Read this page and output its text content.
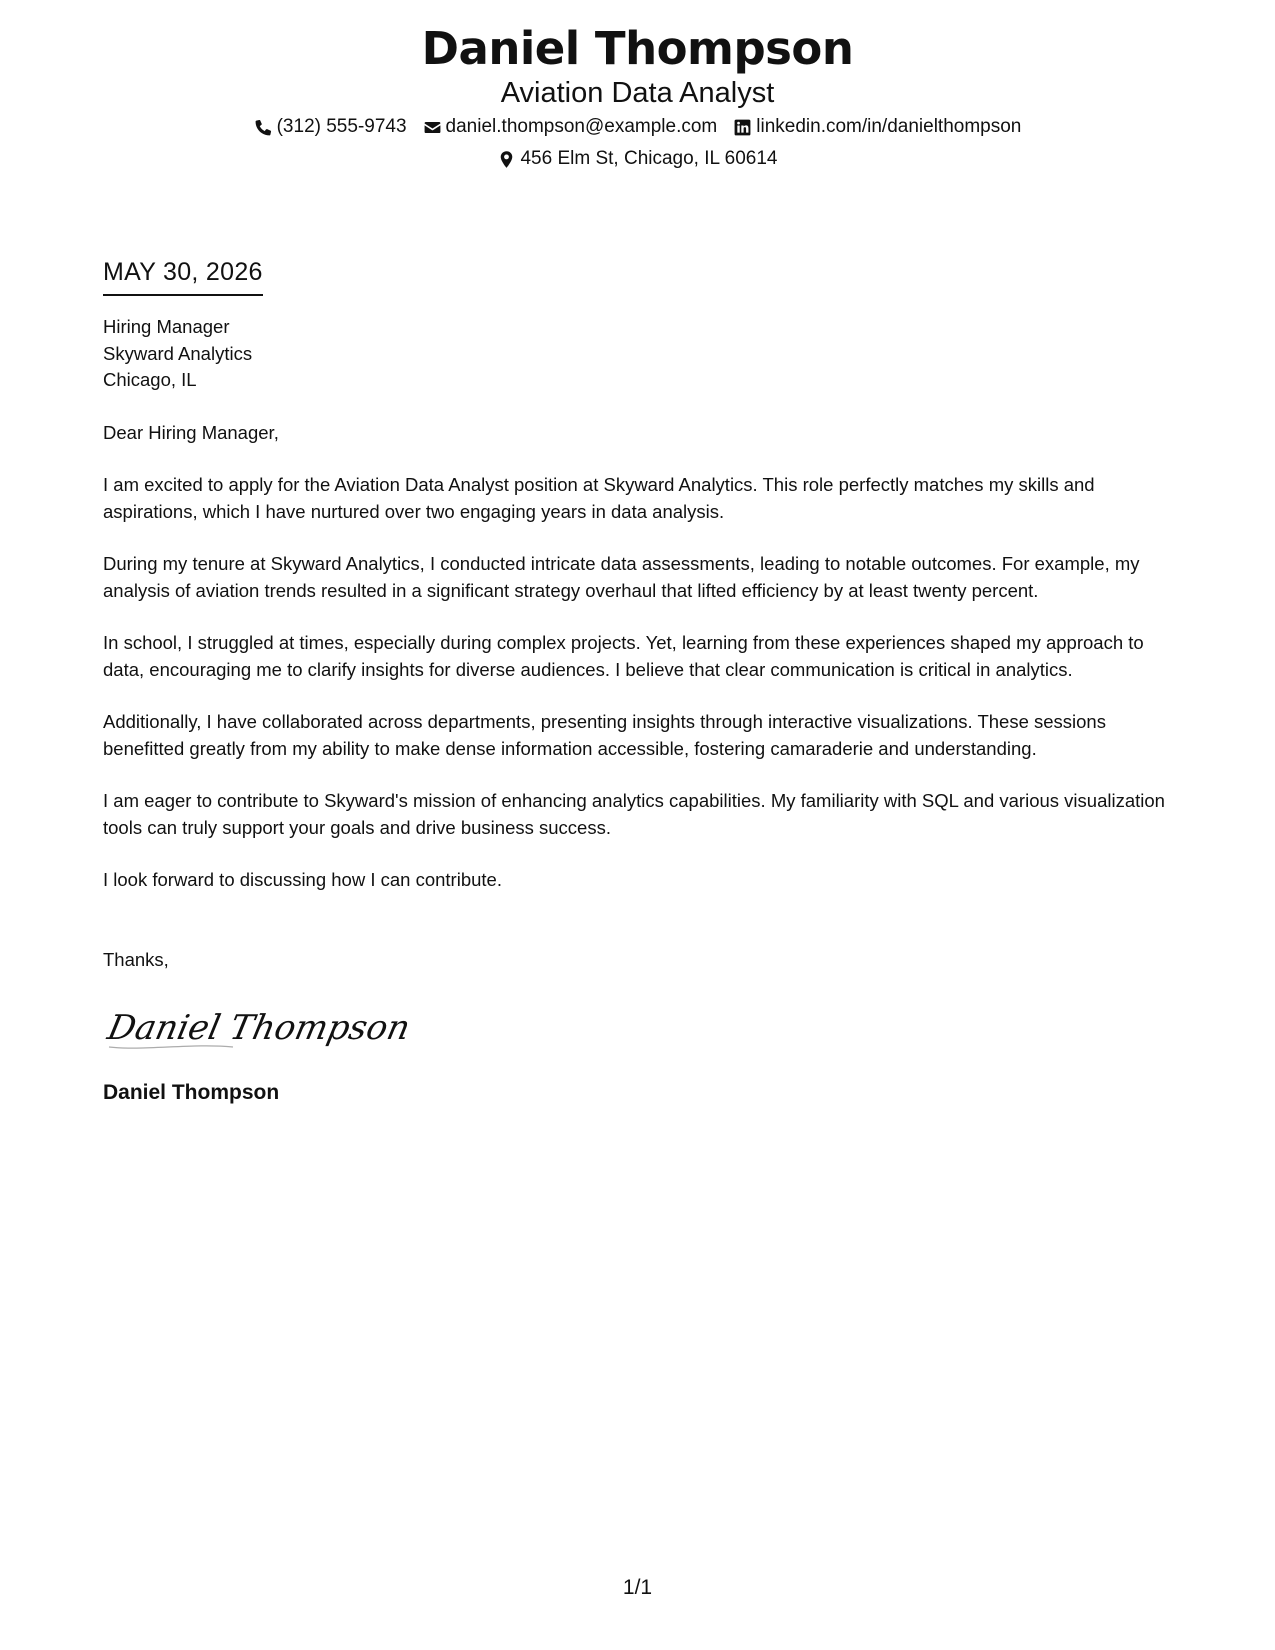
Daniel Thompson
Aviation Data Analyst
(312) 555-9743 daniel.thompson@example.com linkedin.com/in/danielthompson
456 Elm St, Chicago, IL 60614
MAY 30, 2026
Hiring Manager
Skyward Analytics
Chicago, IL
Dear Hiring Manager,
I am excited to apply for the Aviation Data Analyst position at Skyward Analytics. This role perfectly matches my skills and aspirations, which I have nurtured over two engaging years in data analysis.
During my tenure at Skyward Analytics, I conducted intricate data assessments, leading to notable outcomes. For example, my analysis of aviation trends resulted in a significant strategy overhaul that lifted efficiency by at least twenty percent.
In school, I struggled at times, especially during complex projects. Yet, learning from these experiences shaped my approach to data, encouraging me to clarify insights for diverse audiences. I believe that clear communication is critical in analytics.
Additionally, I have collaborated across departments, presenting insights through interactive visualizations. These sessions benefitted greatly from my ability to make dense information accessible, fostering camaraderie and understanding.
I am eager to contribute to Skyward's mission of enhancing analytics capabilities. My familiarity with SQL and various visualization tools can truly support your goals and drive business success.
I look forward to discussing how I can contribute.
Thanks,
Daniel Thompson
Daniel Thompson
1/1
